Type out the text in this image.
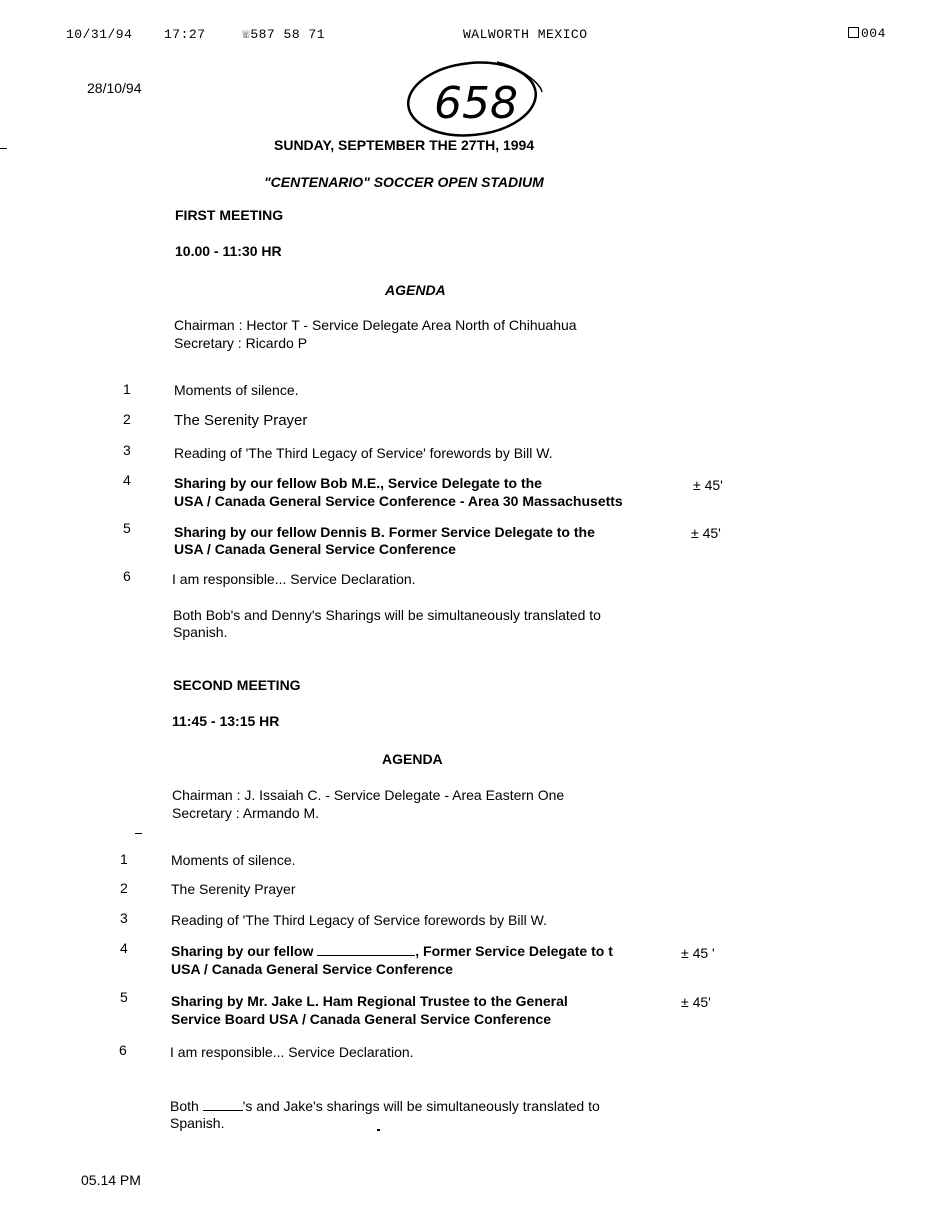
10/31/94 17:27	☏587 58 71	WALWORTH MEXICO	004
28/10/94	658
SUNDAY, SEPTEMBER THE 27TH, 1994
"CENTENARIO" SOCCER OPEN STADIUM
FIRST MEETING
10.00 - 11:30 HR
AGENDA
Chairman : Hector T - Service Delegate Area North of Chihuahua
Secretary : Ricardo P
1	Moments of silence.
2	The Serenity Prayer
3	Reading of 'The Third Legacy of Service' forewords by Bill W.
4	Sharing by our fellow Bob M.E., Service Delegate to the
USA / Canada General Service Conference - Area 30 Massachusetts
± 45'
5	Sharing by our fellow Dennis B. Former Service Delegate to the
USA / Canada General Service Conference
± 45'
6	I am responsible... Service Declaration.
Both Bob's and Denny's Sharings will be simultaneously translated to
Spanish.
SECOND MEETING
11:45 - 13:15 HR
AGENDA
Chairman : J. Issaiah C. - Service Delegate - Area Eastern One
Secretary : Armando M.
1	Moments of silence.
2	The Serenity Prayer
3	Reading of 'The Third Legacy of Service forewords by Bill W.
4	Sharing by our fellow	, Former Service Delegate to t
USA / Canada General Service Conference
± 45 '
5	Sharing by Mr. Jake L. Ham Regional Trustee to the General
Service Board USA / Canada General Service Conference
± 45'
6	I am responsible... Service Declaration.
Both	's and Jake's sharings will be simultaneously translated to
Spanish.
05.14 PM
